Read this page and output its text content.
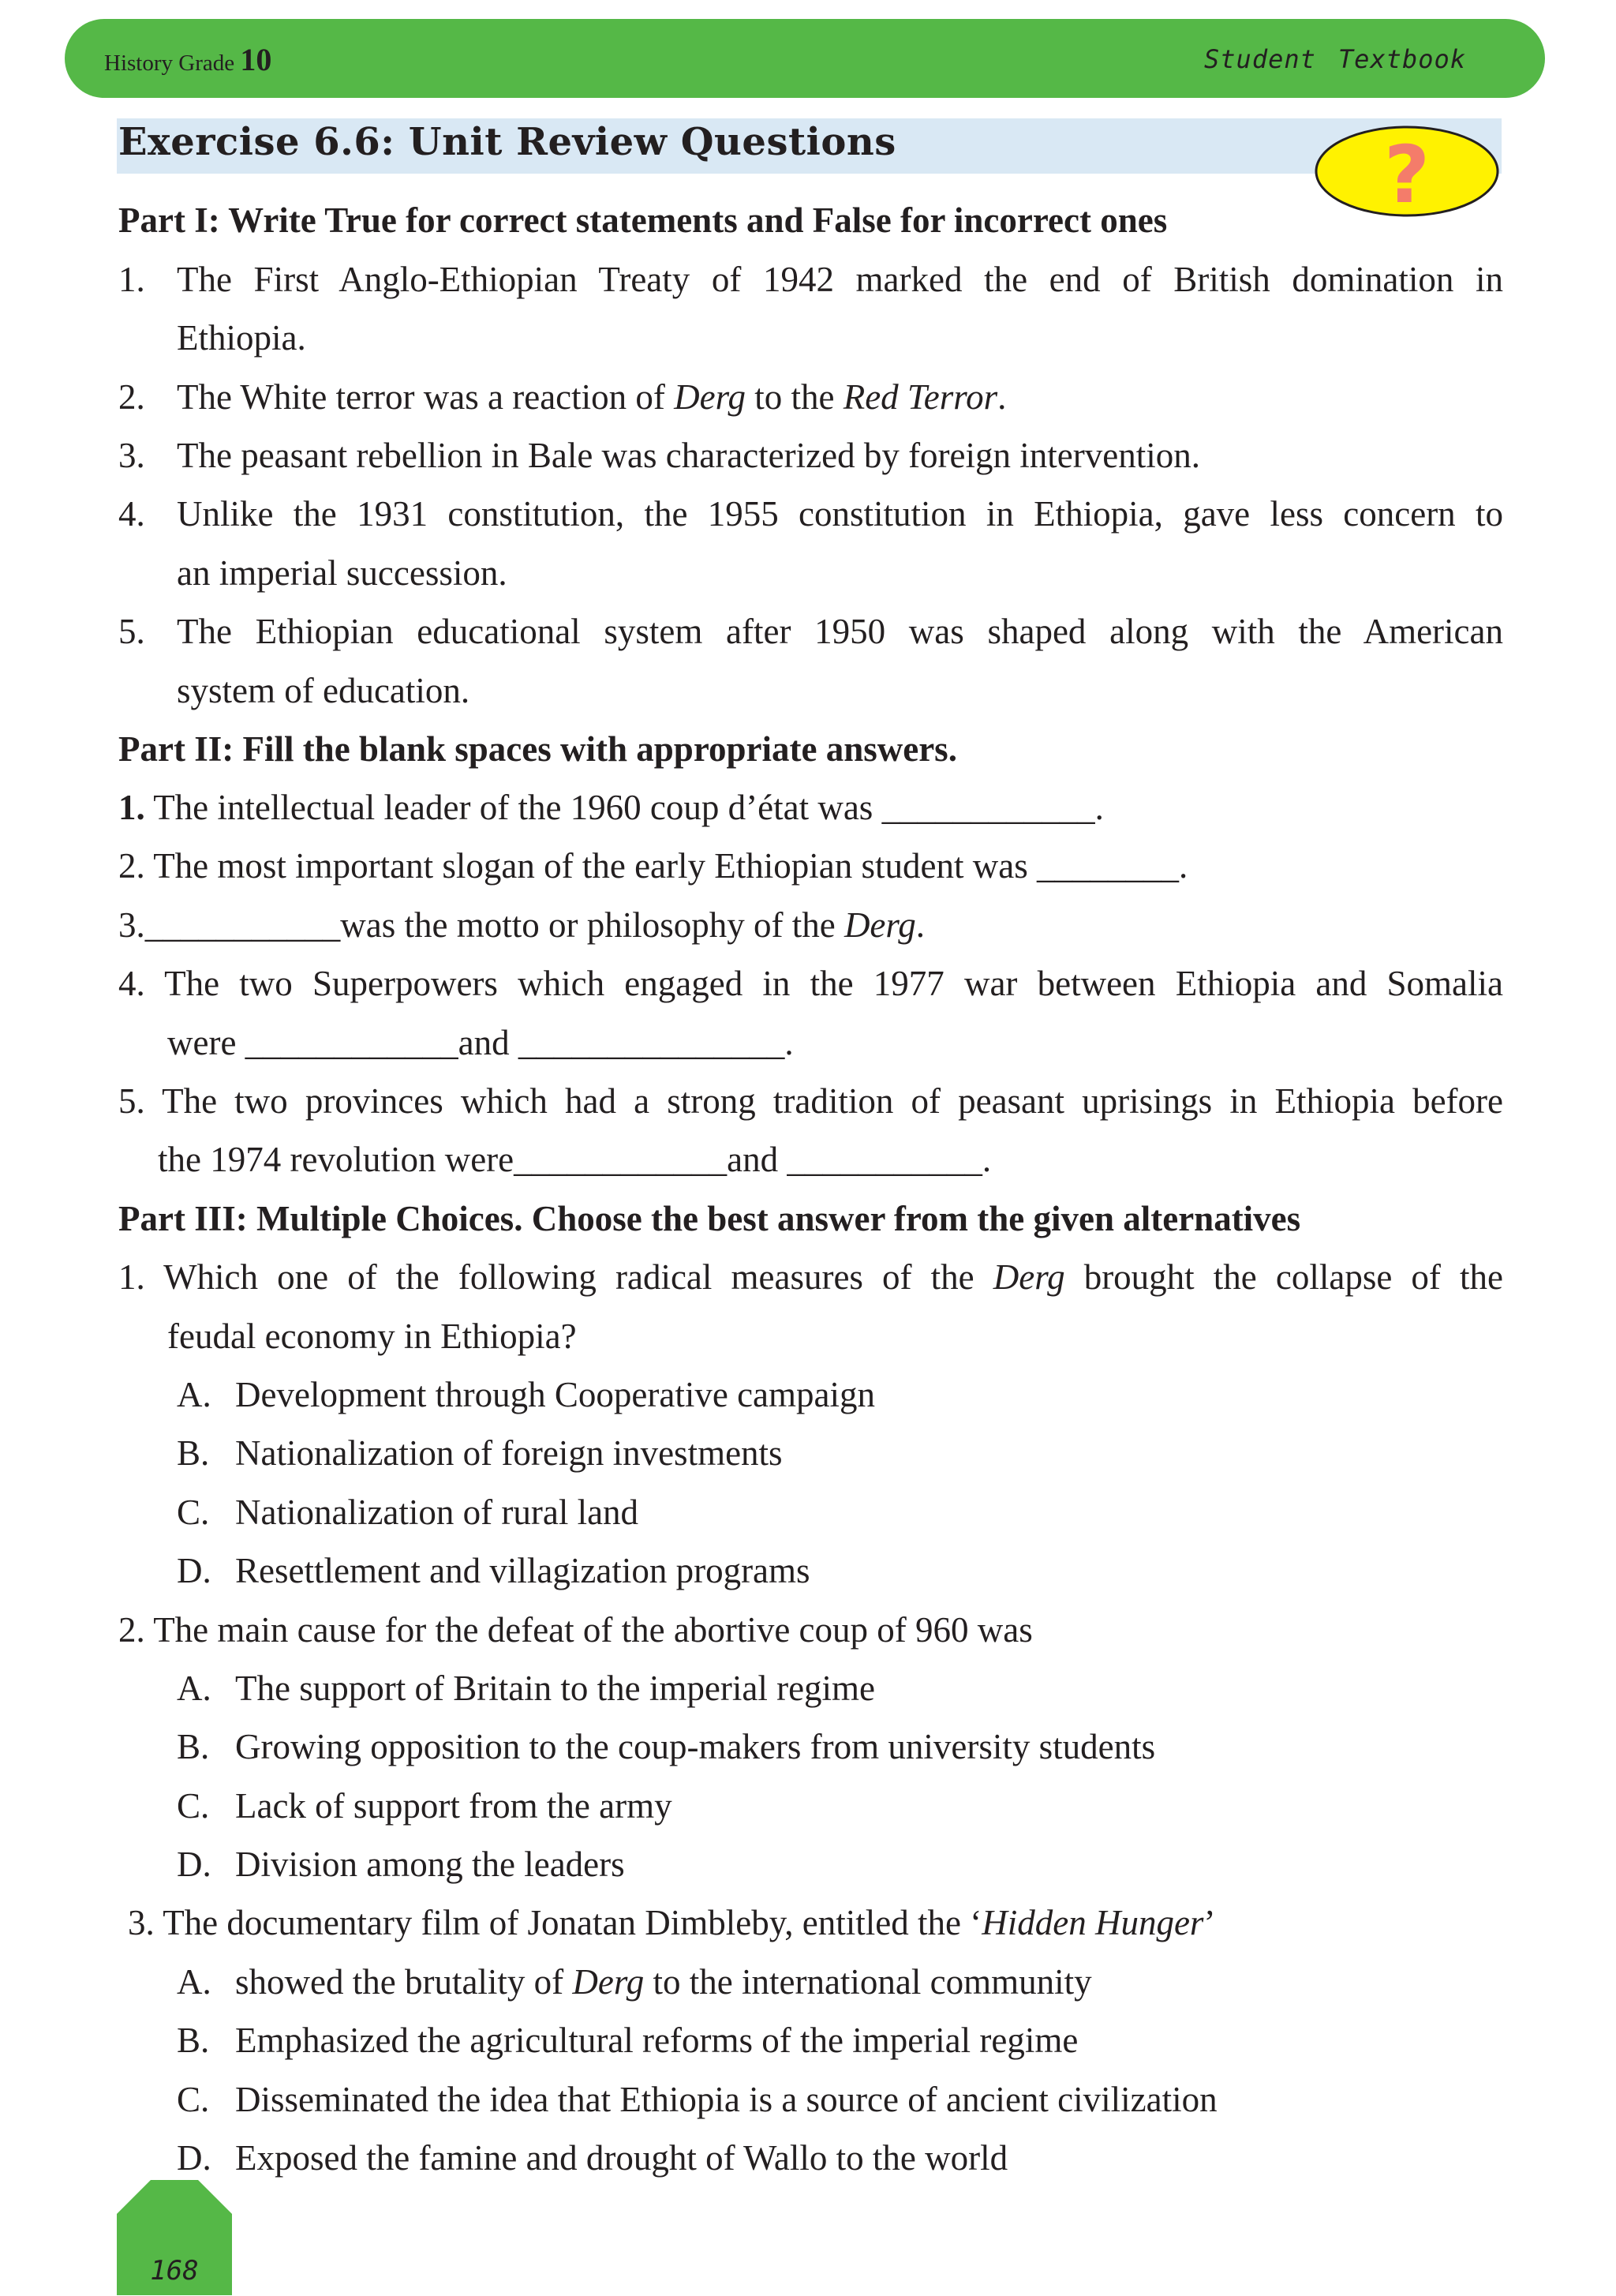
History Grade 10	Student Textbook
Exercise 6.6: Unit Review Questions	?
Part I: Write True for correct statements and False for incorrect ones
1. The First Anglo-Ethiopian Treaty of 1942 marked the end of British domination in
Ethiopia.
2. The White terror was a reaction of Derg to the Red Terror.
3. The peasant rebellion in Bale was characterized by foreign intervention.
4. Unlike the 1931 constitution, the 1955 constitution in Ethiopia, gave less concern to
an imperial succession.
5. The Ethiopian educational system after 1950 was shaped along with the American
system of education.
Part II: Fill the blank spaces with appropriate answers.
1. The intellectual leader of the 1960 coup d’état was ____________.
2. The most important slogan of the early Ethiopian student was ________.
3.___________was the motto or philosophy of the Derg.
4. The two Superpowers which engaged in the 1977 war between Ethiopia and Somalia
were ____________and _______________.
5. The two provinces which had a strong tradition of peasant uprisings in Ethiopia before
the 1974 revolution were____________and ___________.
Part III: Multiple Choices. Choose the best answer from the given alternatives
1. Which one of the following radical measures of the Derg brought the collapse of the
feudal economy in Ethiopia?
A. Development through Cooperative campaign
B. Nationalization of foreign investments
C. Nationalization of rural land
D. Resettlement and villagization programs
2. The main cause for the defeat of the abortive coup of 960 was
A. The support of Britain to the imperial regime
B. Growing opposition to the coup-makers from university students
C. Lack of support from the army
D. Division among the leaders
3. The documentary film of Jonatan Dimbleby, entitled the ‘Hidden Hunger’
A. showed the brutality of Derg to the international community
B. Emphasized the agricultural reforms of the imperial regime
C. Disseminated the idea that Ethiopia is a source of ancient civilization
D. Exposed the famine and drought of Wallo to the world
168
